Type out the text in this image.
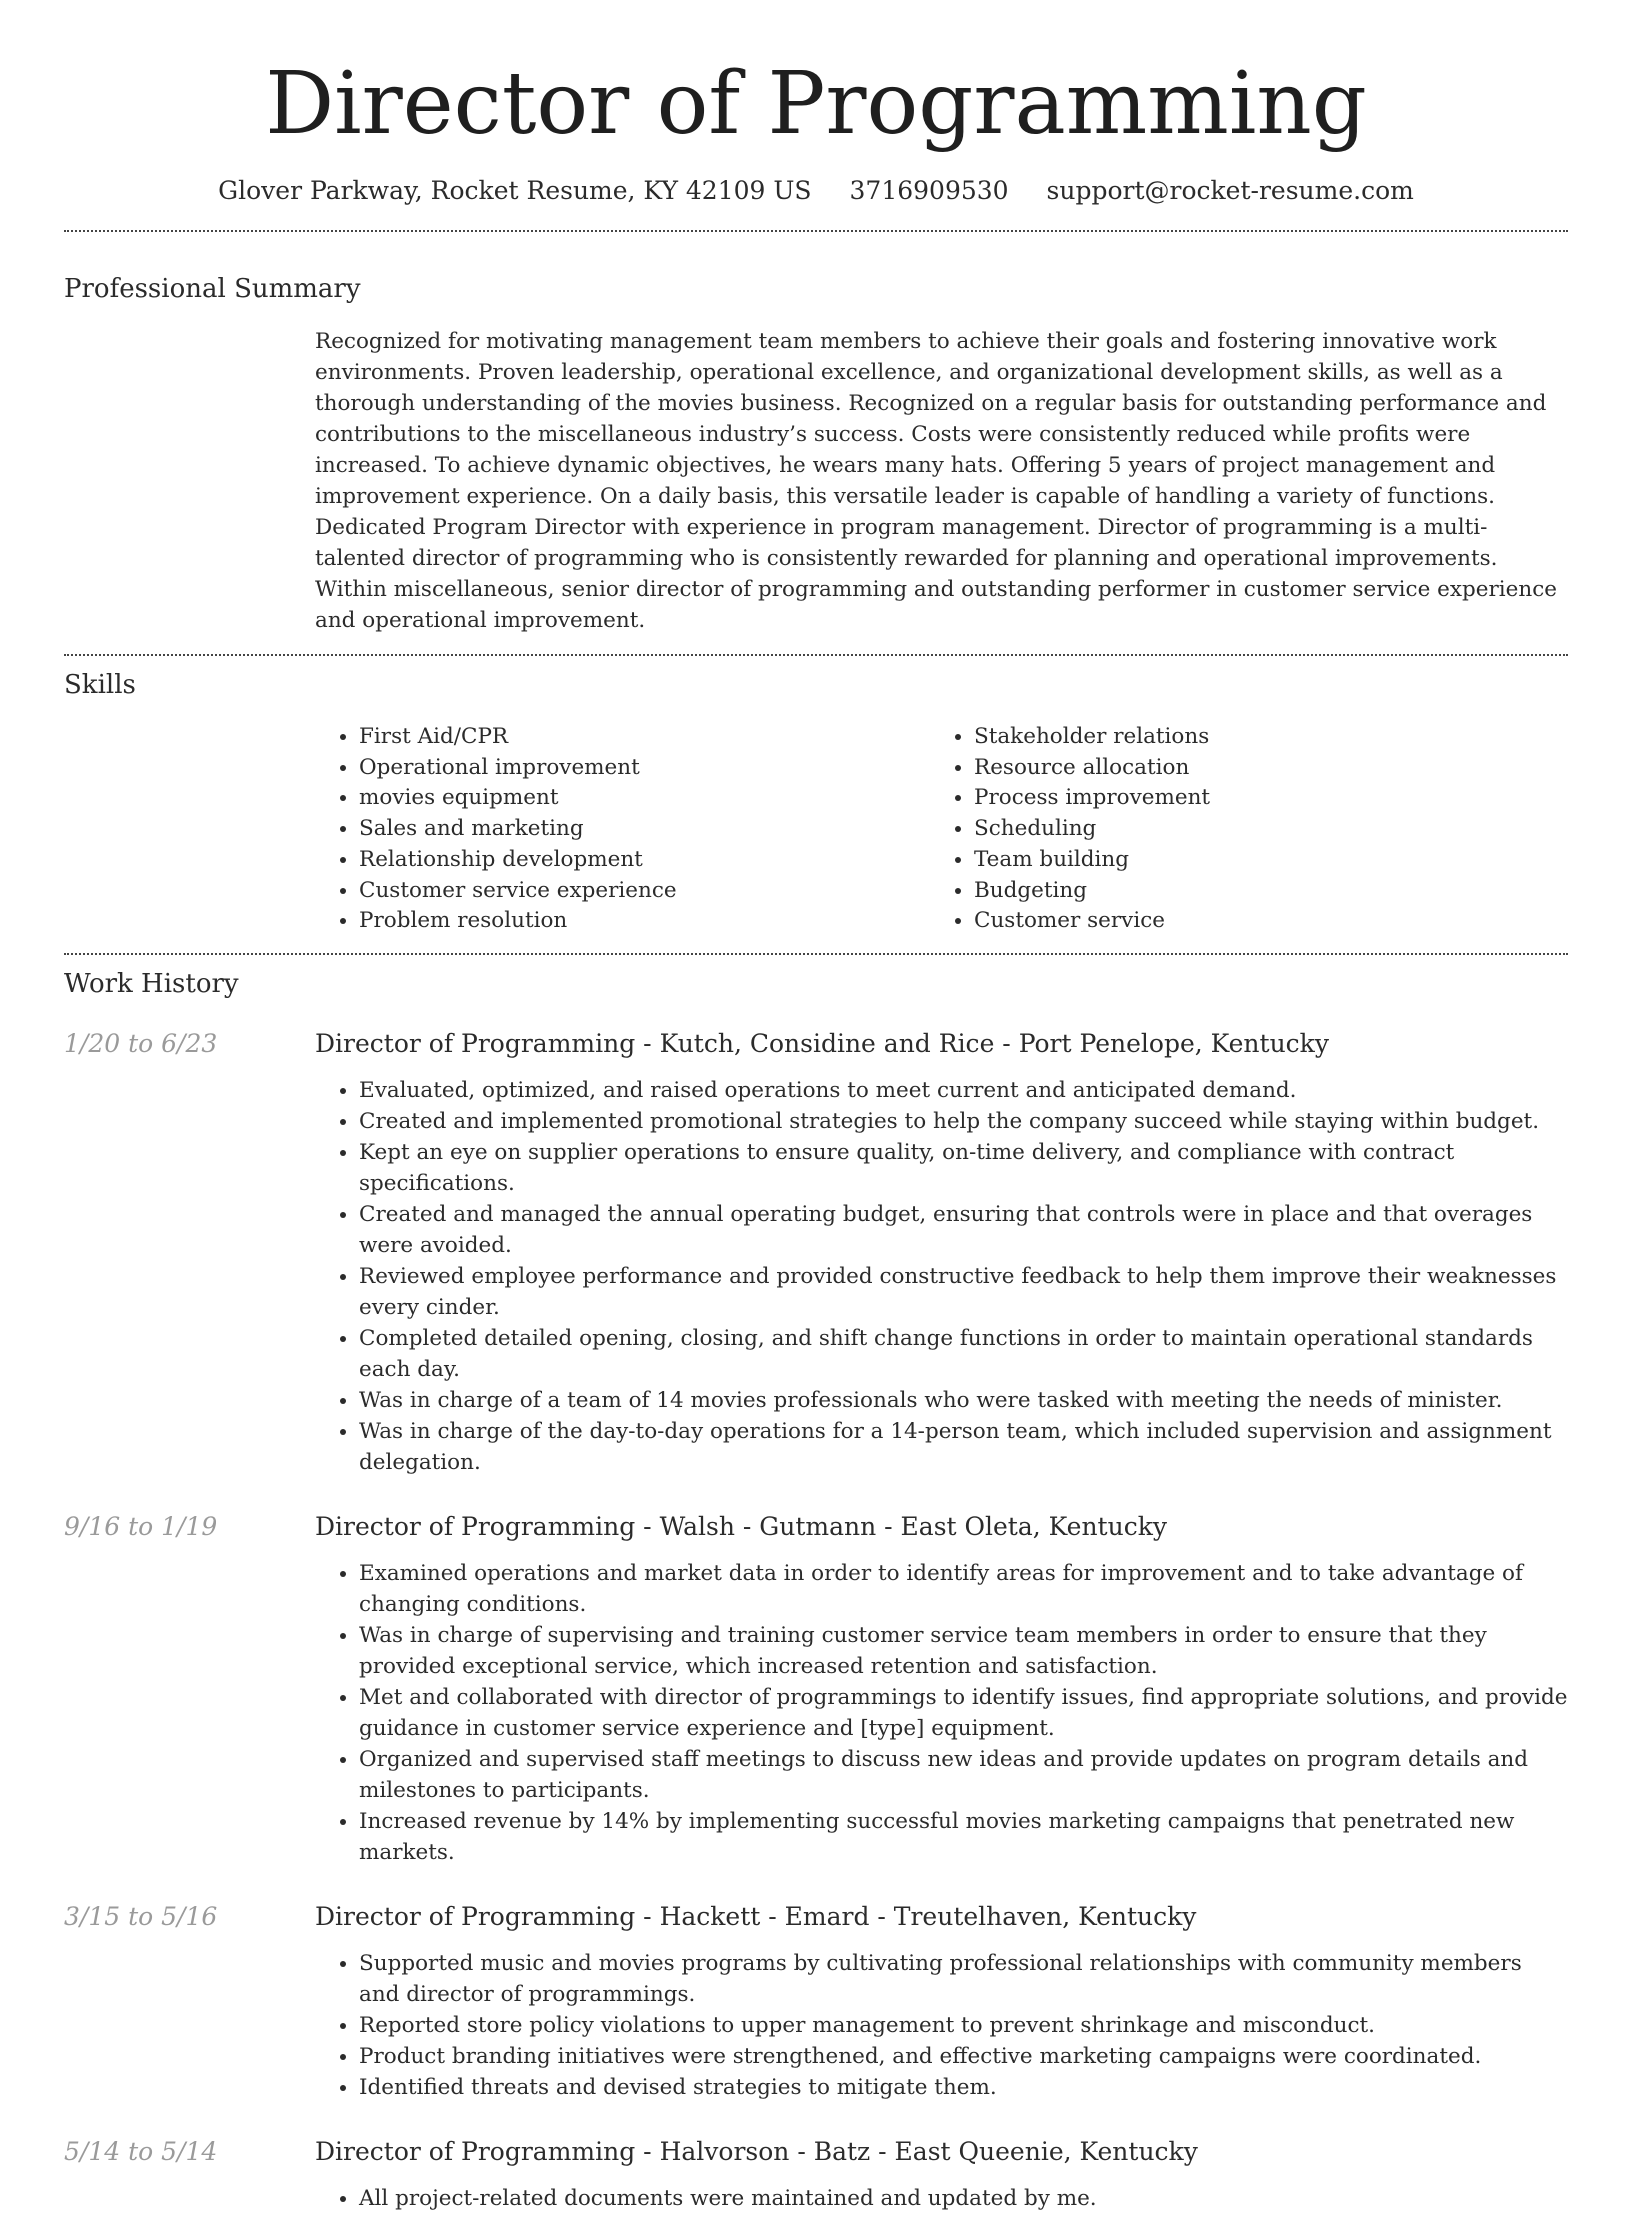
Director of Programming
Glover Parkway, Rocket Resume, KY 42109 US 3716909530 support@rocket-resume.com
Professional Summary
Recognized for motivating management team members to achieve their goals and fostering innovative work environments. Proven leadership, operational excellence, and organizational development skills, as well as a thorough understanding of the movies business. Recognized on a regular basis for outstanding performance and contributions to the miscellaneous industry’s success. Costs were consistently reduced while profits were increased. To achieve dynamic objectives, he wears many hats. Offering 5 years of project management and improvement experience. On a daily basis, this versatile leader is capable of handling a variety of functions. Dedicated Program Director with experience in program management. Director of programming is a multi-talented director of programming who is consistently rewarded for planning and operational improvements. Within miscellaneous, senior director of programming and outstanding performer in customer service experience and operational improvement.
Skills
• First Aid/CPR
• Operational improvement
• movies equipment
• Sales and marketing
• Relationship development
• Customer service experience
• Problem resolution
• Stakeholder relations
• Resource allocation
• Process improvement
• Scheduling
• Team building
• Budgeting
• Customer service
Work History
1/20 to 6/23	Director of Programming - Kutch, Considine and Rice - Port Penelope, Kentucky
• Evaluated, optimized, and raised operations to meet current and anticipated demand.
• Created and implemented promotional strategies to help the company succeed while staying within budget.
• Kept an eye on supplier operations to ensure quality, on-time delivery, and compliance with contract specifications.
• Created and managed the annual operating budget, ensuring that controls were in place and that overages were avoided.
• Reviewed employee performance and provided constructive feedback to help them improve their weaknesses every cinder.
• Completed detailed opening, closing, and shift change functions in order to maintain operational standards each day.
• Was in charge of a team of 14 movies professionals who were tasked with meeting the needs of minister.
• Was in charge of the day-to-day operations for a 14-person team, which included supervision and assignment delegation.
9/16 to 1/19	Director of Programming - Walsh - Gutmann - East Oleta, Kentucky
• Examined operations and market data in order to identify areas for improvement and to take advantage of changing conditions.
• Was in charge of supervising and training customer service team members in order to ensure that they provided exceptional service, which increased retention and satisfaction.
• Met and collaborated with director of programmings to identify issues, find appropriate solutions, and provide guidance in customer service experience and [type] equipment.
• Organized and supervised staff meetings to discuss new ideas and provide updates on program details and milestones to participants.
• Increased revenue by 14% by implementing successful movies marketing campaigns that penetrated new markets.
3/15 to 5/16	Director of Programming - Hackett - Emard - Treutelhaven, Kentucky
• Supported music and movies programs by cultivating professional relationships with community members and director of programmings.
• Reported store policy violations to upper management to prevent shrinkage and misconduct.
• Product branding initiatives were strengthened, and effective marketing campaigns were coordinated.
• Identified threats and devised strategies to mitigate them.
5/14 to 5/14	Director of Programming - Halvorson - Batz - East Queenie, Kentucky
• All project-related documents were maintained and updated by me.
